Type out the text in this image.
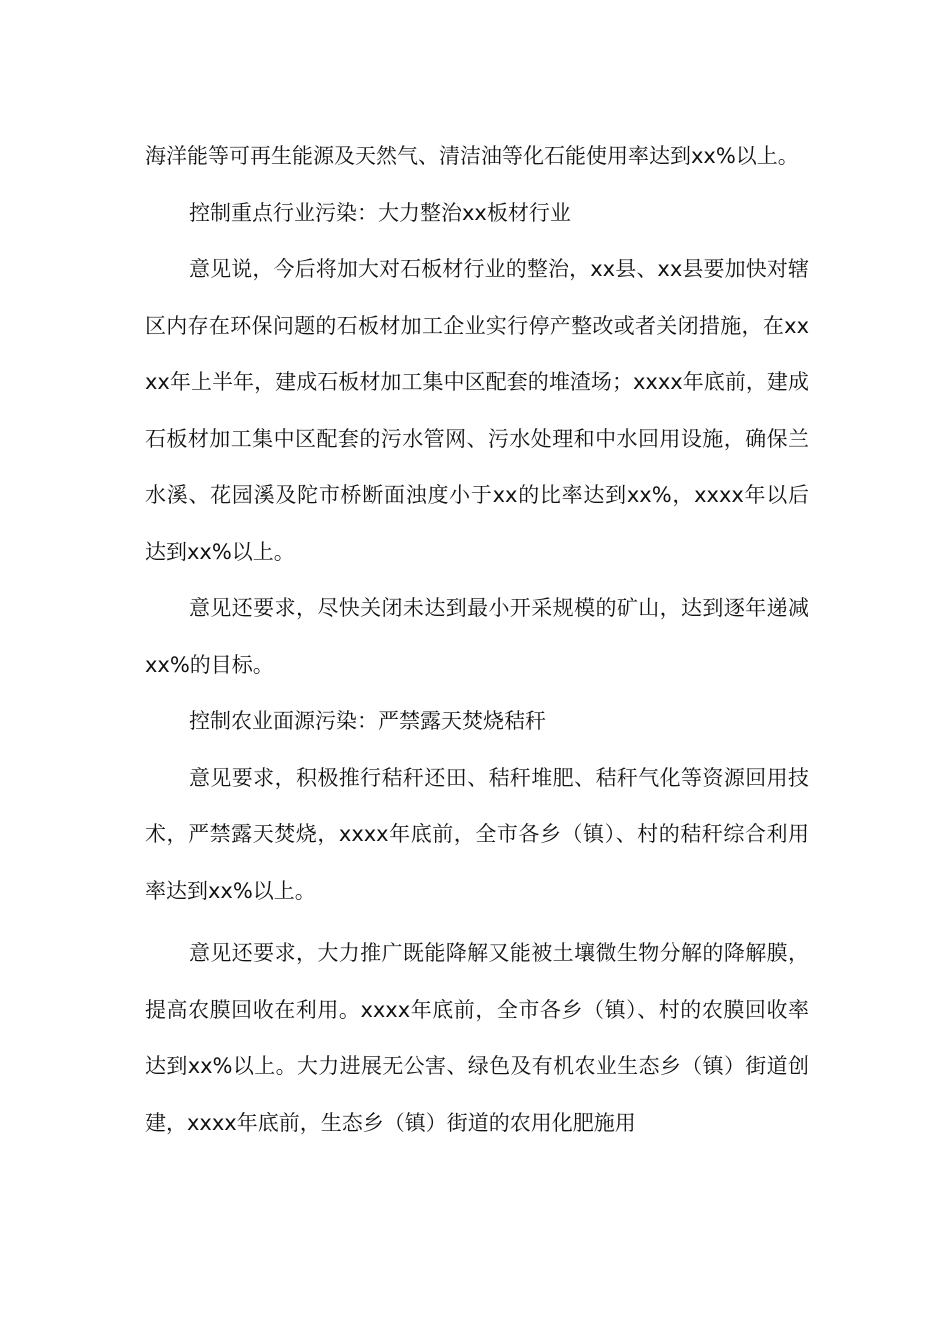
海洋能等可再生能源及天然气、清洁油等化石能使用率达到xx%以上。

控制重点行业污染：大力整治xx板材行业

意见说，今后将加大对石板材行业的整治，xx县、xx县要加快对辖区内存在环保问题的石板材加工企业实行停产整改或者关闭措施，在xxxx年上半年，建成石板材加工集中区配套的堆渣场；xxxx年底前，建成石板材加工集中区配套的污水管网、污水处理和中水回用设施，确保兰水溪、花园溪及陀市桥断面浊度小于xx的比率达到xx%，xxxx年以后达到xx%以上。

意见还要求，尽快关闭未达到最小开采规模的矿山，达到逐年递减xx%的目标。

控制农业面源污染：严禁露天焚烧秸秆

意见要求，积极推行秸秆还田、秸秆堆肥、秸秆气化等资源回用技术，严禁露天焚烧，xxxx年底前，全市各乡（镇）、村的秸秆综合利用率达到xx%以上。

意见还要求，大力推广既能降解又能被土壤微生物分解的降解膜，提高农膜回收在利用。xxxx年底前，全市各乡（镇）、村的农膜回收率达到xx%以上。大力进展无公害、绿色及有机农业生态乡（镇）街道创建，xxxx年底前，生态乡（镇）街道的农用化肥施用
